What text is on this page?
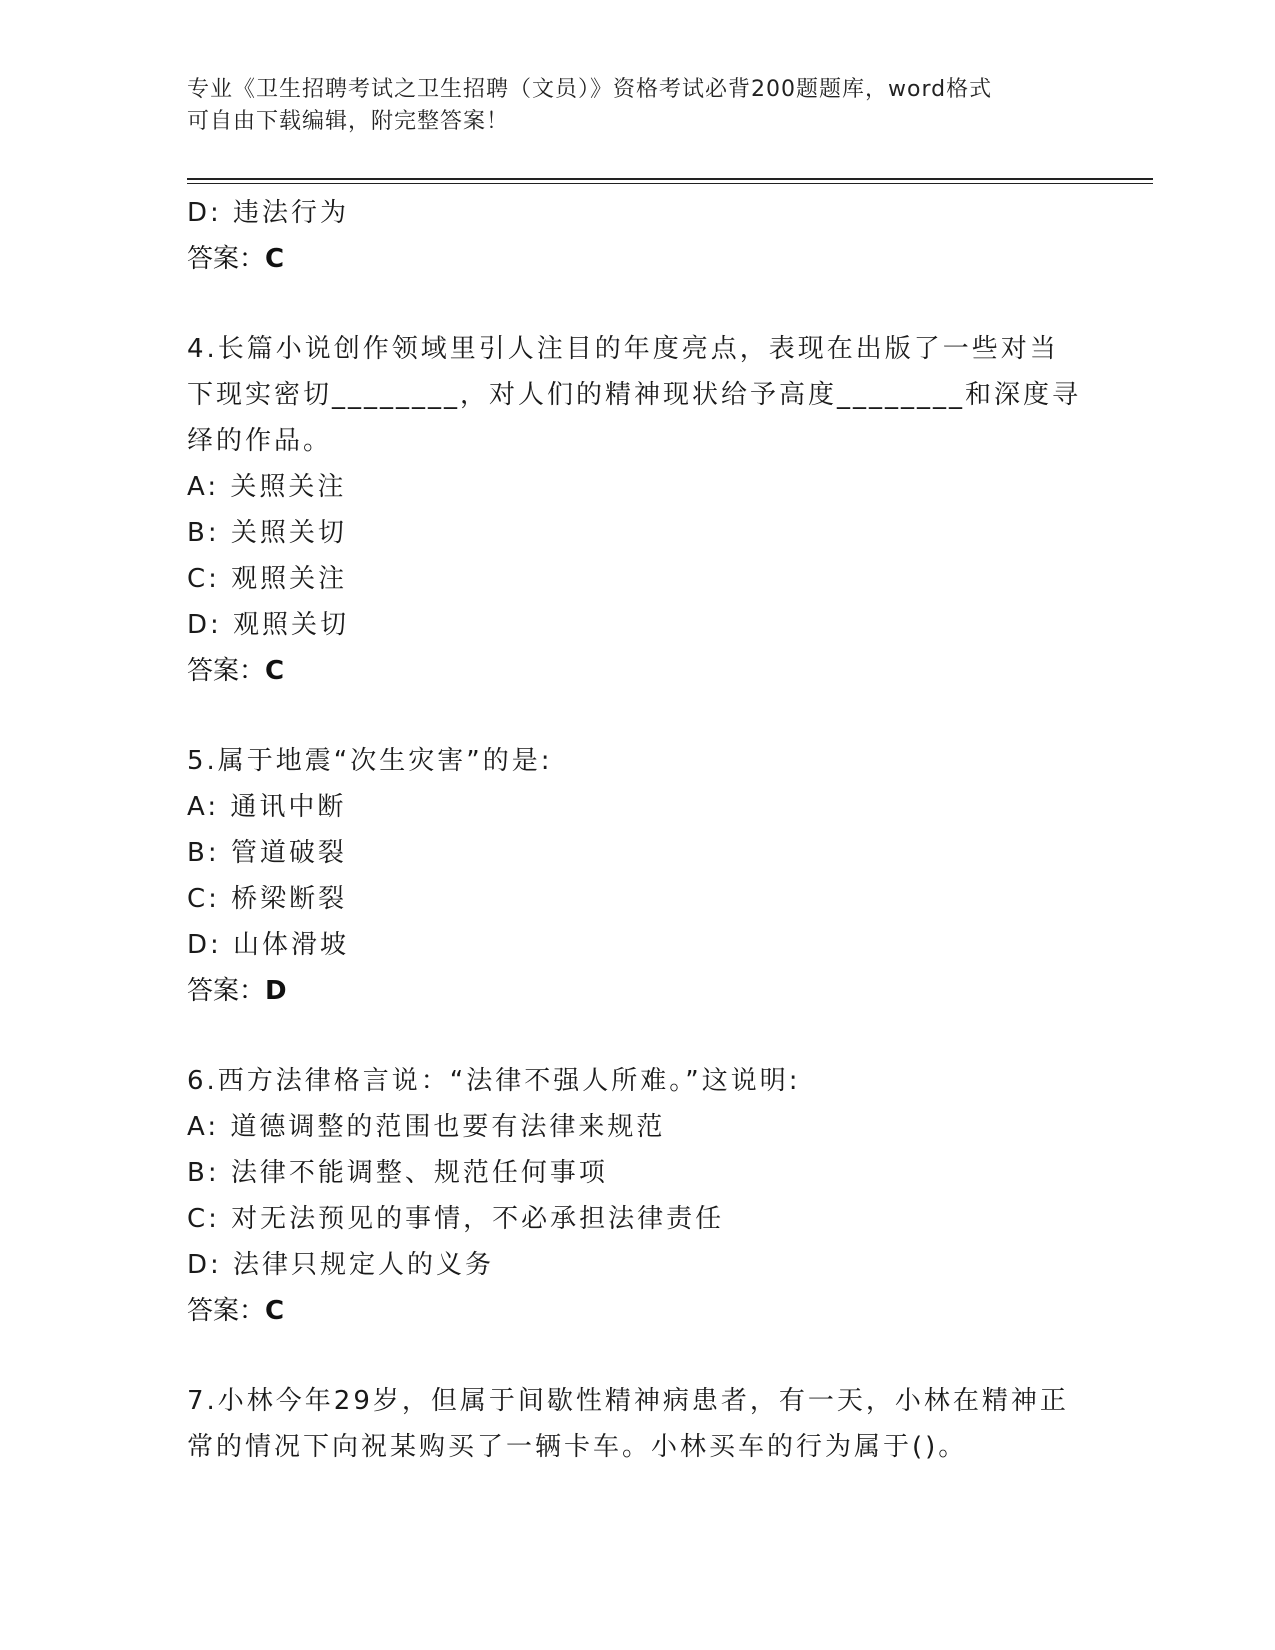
专业《卫生招聘考试之卫生招聘（文员）》资格考试必背200题题库，word格式
可自由下载编辑，附完整答案！
D: 违法行为
答案：C
4.长篇小说创作领域里引人注目的年度亮点，表现在出版了一些对当
下现实密切________，对人们的精神现状给予高度________和深度寻
绎的作品。
A: 关照关注
B: 关照关切
C: 观照关注
D: 观照关切
答案：C
5.属于地震“次生灾害”的是:
A: 通讯中断
B: 管道破裂
C: 桥梁断裂
D: 山体滑坡
答案：D
6.西方法律格言说：“法律不强人所难。”这说明:
A: 道德调整的范围也要有法律来规范
B: 法律不能调整、规范任何事项
C: 对无法预见的事情，不必承担法律责任
D: 法律只规定人的义务
答案：C
7.小林今年29岁，但属于间歇性精神病患者，有一天，小林在精神正
常的情况下向祝某购买了一辆卡车。小林买车的行为属于()。
